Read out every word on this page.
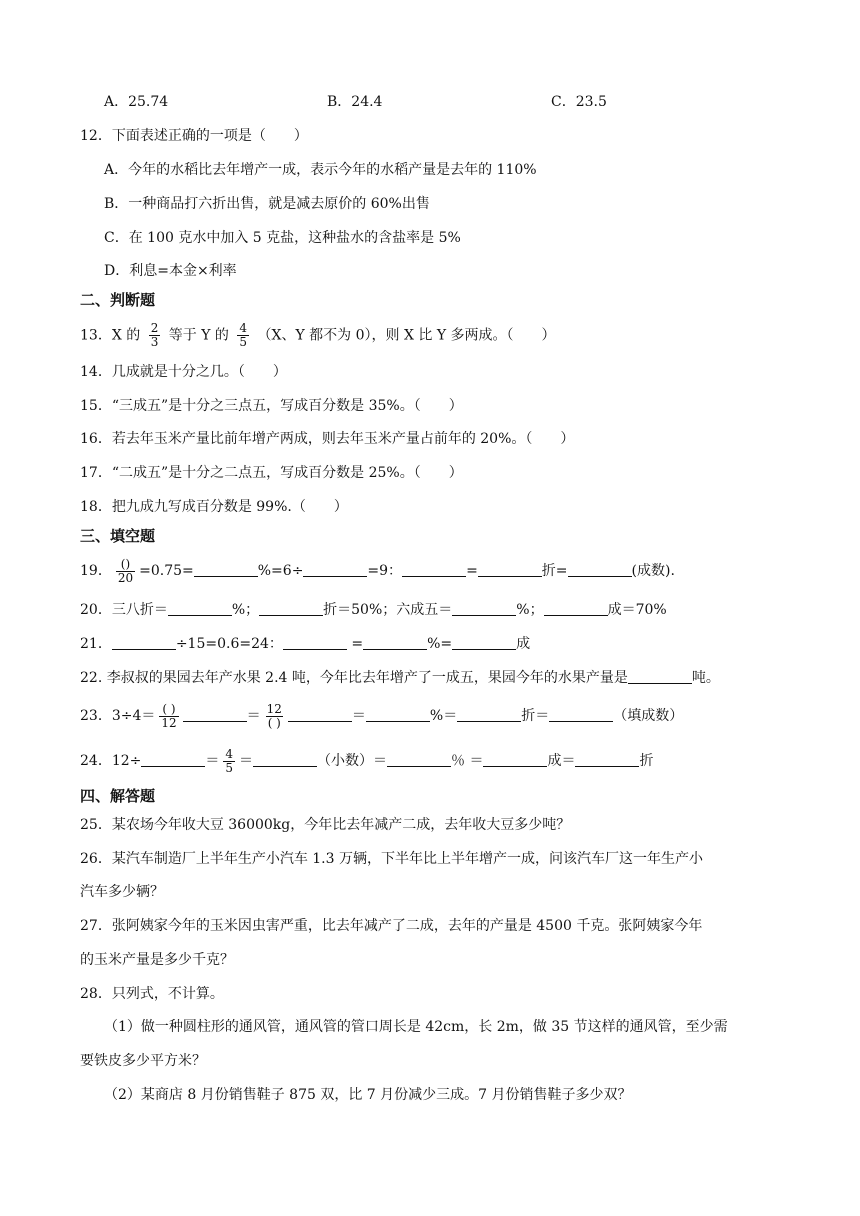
A．25.74	B．24.4	C．23.5
12．下面表述正确的一项是（　　）
A．今年的水稻比去年增产一成，表示今年的水稻产量是去年的 110%
B．一种商品打六折出售，就是减去原价的 60%出售
C．在 100 克水中加入 5 克盐，这种盐水的含盐率是 5%
D．利息=本金×利率
二、判断题
13．X 的 $\frac{2}{3}$ 等于 Y 的 $\frac{4}{5} (X$、Y 都不为 0），则 X 比 Y 多两成。（　　）
14．几成就是十分之几。（　　）
15．“三成五”是十分之三点五，写成百分数是 35%。（　　）
16．若去年玉米产量比前年增产两成，则去年玉米产量占前年的 20%。（　　）
17．“二成五”是十分之二点五，写成百分数是 25%。（　　）
18．把九成九写成百分数是 99%.（　　）
三、填空题
19． $\frac{()}{20} =0.75=$	%=6÷	=9：	=	折=	(成数).
20．三八折＝	%；	折＝50%；六成五＝	%；	成＝70%
21．	÷15=0.6=24：	=	%=	成
22. 李叔叔的果园去年产水果 2.4 吨，今年比去年增产了一成五，果园今年的水果产量是	吨。
23．$3\div 4= \frac{( )}{12}$	＝ $\frac{12}{( )}$	＝	%＝	折＝	（填成数）
24．12÷	＝ $\frac{4}{5}$ ＝	（小数）＝	％ ＝	成＝	折
四、解答题
25．某农场今年收大豆 36000kg，今年比去年减产二成，去年收大豆多少吨？
26．某汽车制造厂上半年生产小汽车 1.3 万辆，下半年比上半年增产一成，问该汽车厂这一年生产小
汽车多少辆？
27．张阿姨家今年的玉米因虫害严重，比去年减产了二成，去年的产量是 4500 千克。张阿姨家今年
的玉米产量是多少千克？
28．只列式，不计算。
（1）做一种圆柱形的通风管，通风管的管口周长是 42cm，长 2m，做 35 节这样的通风管，至少需
要铁皮多少平方米？
（2）某商店 8 月份销售鞋子 875 双，比 7 月份减少三成。7 月份销售鞋子多少双？
